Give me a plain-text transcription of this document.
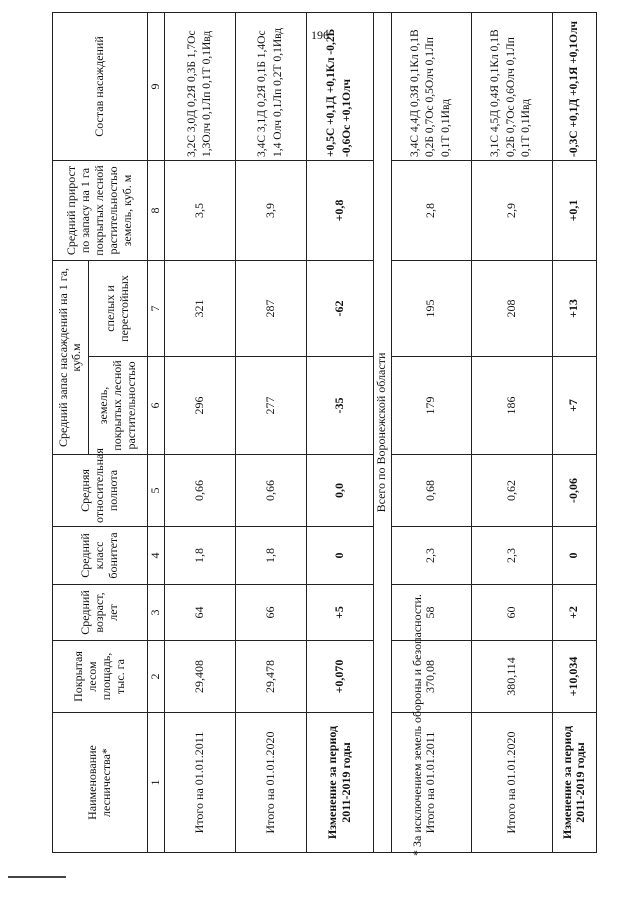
196
Наименование лесничества*	Покрытая лесом площадь, тыс. га	Средний возраст, лет	Средний класс бонитета	Средняя относительная полнота	Средний запас насаждений на 1 га, куб.м		Средний прирост по запасу на 1 га покрытых лесной растительностью земель, куб. м	Состав насаждений
					земель, покрытых лесной растительностью	спелых и перестойных		
1	2	3	4	5	6	7	8	9
Итого на 01.01.2011	29,408	64	1,8	0,66	296	321	3,5	3,2С 3,0Д 0,2Я 0,3Б 1,7Ос 1,3Олч 0,1Лп 0,1Т 0,1Ивд
Итого на 01.01.2020	29,478	66	1,8	0,66	277	287	3,9	3,4С 3,1Д 0,2Я 0,1Б 1,4Ос 1,4 Олч 0,1Лп 0,2Т 0,1Ивд
Изменение за период 2011-2019 годы	+0,070	+5	0	0,0	-35	-62	+0,8	+0,5С +0,1Д +0,1Кл -0,2Б -0,6Ос +0,1Олч
Всего по Воронежской области								
Итого на 01.01.2011	370,08	58	2,3	0,68	179	195	2,8	3,4С 4,4Д 0,3Я 0,1Кл 0,1В 0,2Б 0,7Ос 0,5Олч 0,1Лп 0,1Т 0,1Ивд
Итого на 01.01.2020	380,114	60	2,3	0,62	186	208	2,9	3,1С 4,5Д 0,4Я 0,1Кл 0,1В 0,2Б 0,7Ос 0,6Олч 0,1Лп 0,1Т 0,1Ивд
Изменение за период 2011-2019 годы	+10,034	+2	0	-0,06	+7	+13	+0,1	-0,3С +0,1Д +0,1Я +0,1Олч
* За исключением земель обороны и безопасности.
